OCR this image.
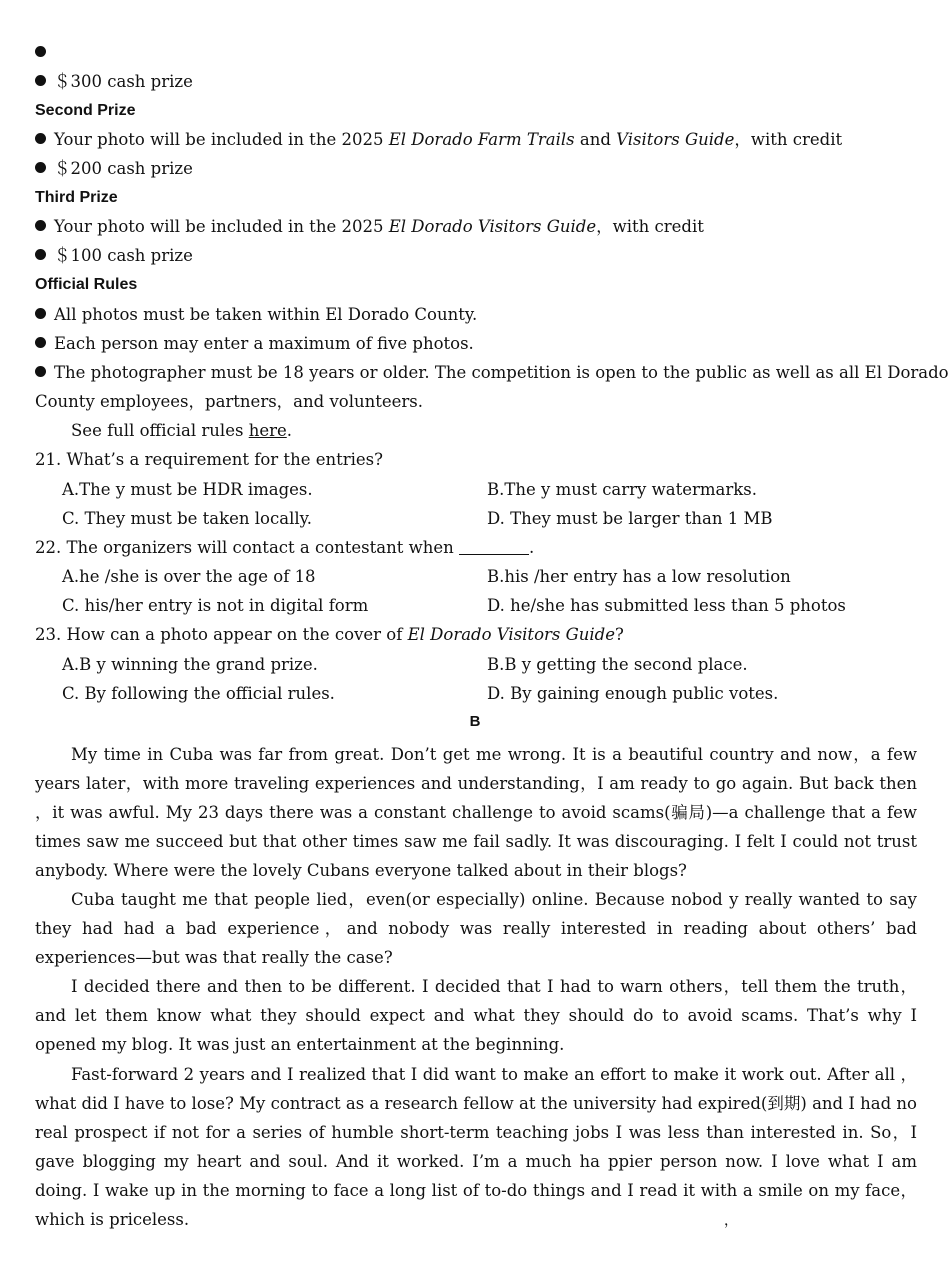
＄300 cash prize
Second Prize
Your photo will be included in the 2025 El Dorado Farm Trails and Visitors Guide，with credit
＄200 cash prize
Third Prize
Your photo will be included in the 2025 El Dorado Visitors Guide，with credit
＄100 cash prize
Official Rules
All photos must be taken within El Dorado County.
Each person may enter a maximum of five photos.
The photographer must be 18 years or older. The competition is open to the public as well as all El Dorado
County employees，partners，and volunteers.
See full official rules here.
21. What’s a requirement for the entries?
A.The y must be HDR images.	B.The y must carry watermarks.
C. They must be taken locally.	D. They must be larger than 1 MB
22. The organizers will contact a contestant when	.
A.he /she is over the age of 18	B.his /her entry has a low resolution
C. his/her entry is not in digital form	D. he/she has submitted less than 5 photos
23. How can a photo appear on the cover of El Dorado Visitors Guide?
A.B y winning the grand prize.	B.B y getting the second place.
C. By following the official rules.	D. By gaining enough public votes.
B
My time in Cuba was far from great. Don’t get me wrong. It is a beautiful country and now，a few years later，with more traveling experiences and understanding，I am ready to go again. But back then ，it was awful. My 23 days there was a constant challenge to avoid scams(骗局)—a challenge that a few times saw me succeed but that other times saw me fail sadly. It was discouraging. I felt I could not trust anybody. Where were the lovely Cubans everyone talked about in their blogs?
Cuba taught me that people lied，even(or especially) online. Because nobod y really wanted to say they had had a bad experience，and nobody was really interested in reading about others’ bad experiences—but was that really the case?
I decided there and then to be different. I decided that I had to warn others，tell them the truth，and let them know what they should expect and what they should do to avoid scams. That’s why I opened my blog. It was just an entertainment at the beginning.
Fast-forward 2 years and I realized that I did want to make an effort to make it work out. After all ，what did I have to lose? My contract as a research fellow at the university had expired(到期) and I had no real prospect if not for a series of humble short-term teaching jobs I was less than interested in. So，I gave blogging my heart and soul. And it worked. I’m a much ha ppier person now. I love what I am doing. I wake up in the morning to face a long list of to-do things and I read it with a smile on my face，which is priceless.	，
